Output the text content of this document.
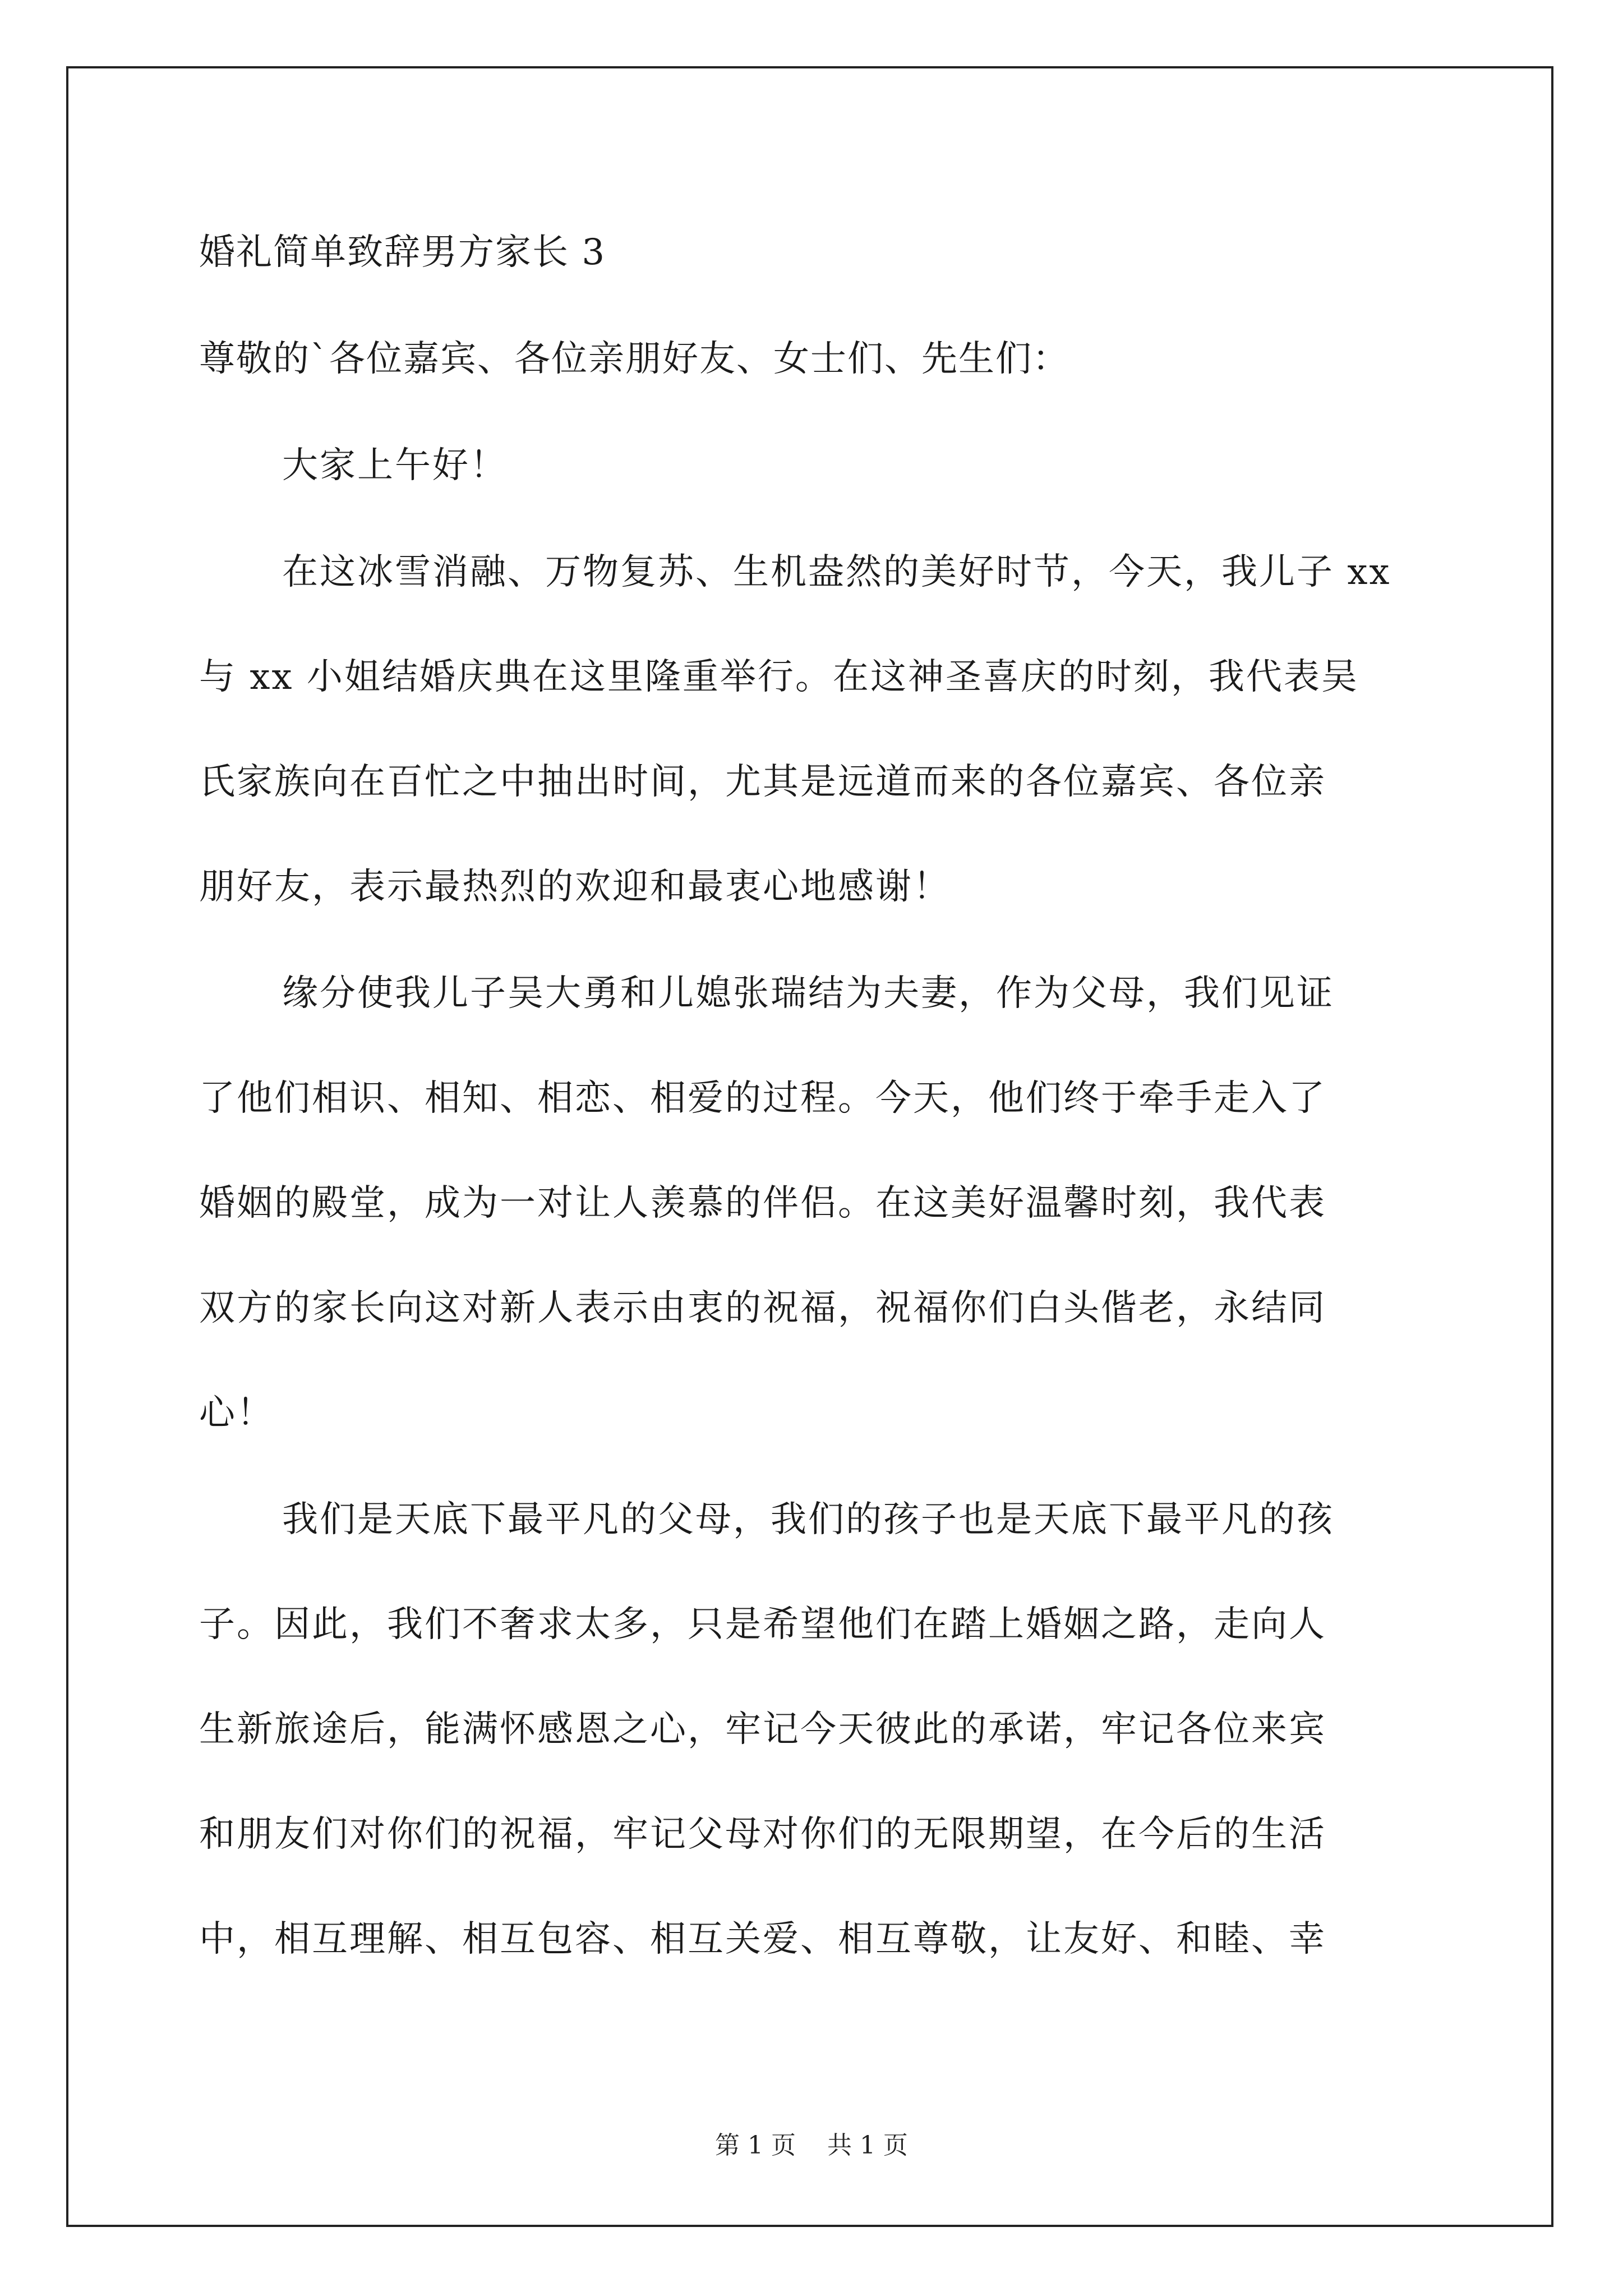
婚礼简单致辞男方家长 3
尊敬的`各位嘉宾、各位亲朋好友、女士们、先生们：
大家上午好！
在这冰雪消融、万物复苏、生机盎然的美好时节，今天，我儿子 xx
与 xx 小姐结婚庆典在这里隆重举行。在这神圣喜庆的时刻，我代表吴
氏家族向在百忙之中抽出时间，尤其是远道而来的各位嘉宾、各位亲
朋好友，表示最热烈的欢迎和最衷心地感谢！
缘分使我儿子吴大勇和儿媳张瑞结为夫妻，作为父母，我们见证
了他们相识、相知、相恋、相爱的过程。今天，他们终于牵手走入了
婚姻的殿堂，成为一对让人羡慕的伴侣。在这美好温馨时刻，我代表
双方的家长向这对新人表示由衷的祝福，祝福你们白头偕老，永结同
心！
我们是天底下最平凡的父母，我们的孩子也是天底下最平凡的孩
子。因此，我们不奢求太多，只是希望他们在踏上婚姻之路，走向人
生新旅途后，能满怀感恩之心，牢记今天彼此的承诺，牢记各位来宾
和朋友们对你们的祝福，牢记父母对你们的无限期望，在今后的生活
中，相互理解、相互包容、相互关爱、相互尊敬，让友好、和睦、幸
第 1 页    共 1 页
